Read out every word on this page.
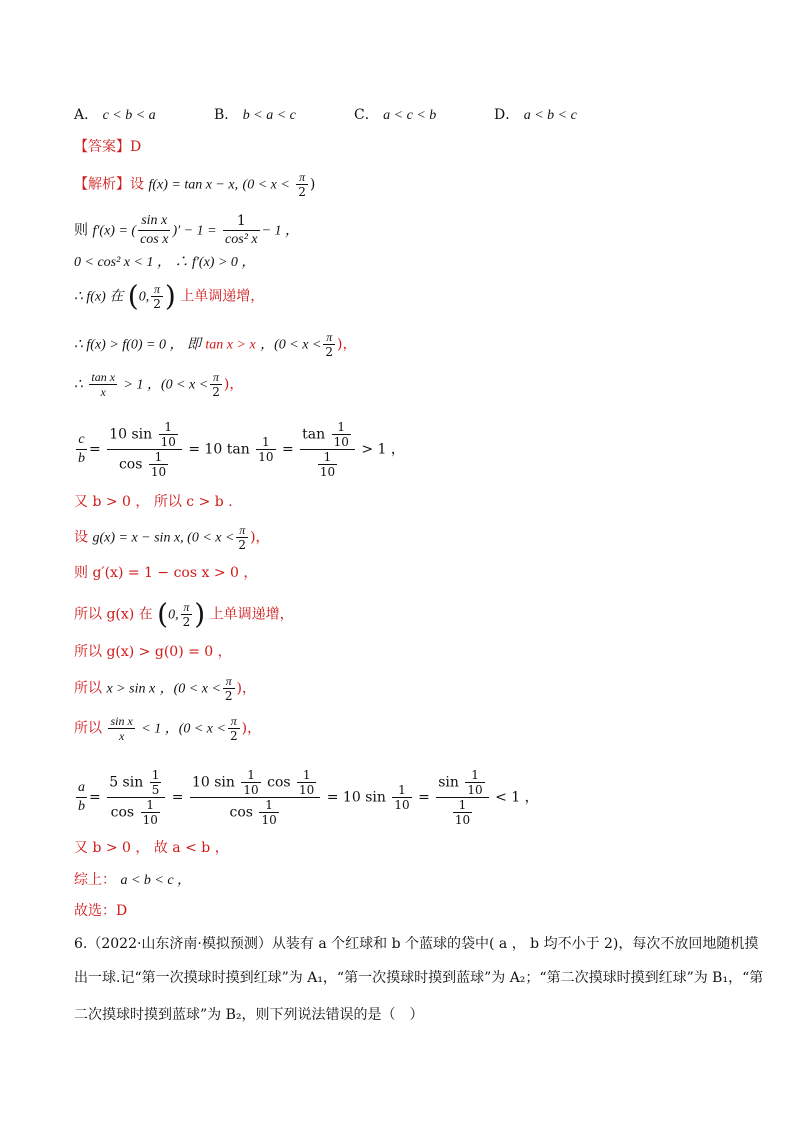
A． c < b < a	B． b < a < c	C． a < c < b	D． a < b < c
【答案】D
【解析】设 f(x) = tan x − x, ($0 < x < \frac{\pi}{2}$ )
则 f′(x) = ( $\frac{\text{sin x}}{\text{cos x}}$ )′ − $1 = \frac{1}{\text{cos² x}} - 1$ ，
0 < cos² x < 1 ， ∴ f′(x) > 0 ，
∴ f(x) 在 (0, $\frac{\pi}{2}$ ) 上单调递增，
∴ f(x) > f(0) = 0 ， 即 tan x > x ，($0 < x < \frac{\pi}{2}$ )，
∴ $\frac{\text{tan x}}{x} > 1$ ，($0 < x < \frac{\pi}{2}$ )，
$\frac{c}{b} = \frac{10 \sin \frac{1}{10}}{\cos \frac{1}{10}} = 10$ $\tan \frac{1}{10} = \frac{\tan \frac{1}{10}}{\frac{1}{10}} > 1$ ，
又 b > 0 ， 所以 c > b .
设 g(x) = x − sin x, ($0 < x < \frac{\pi}{2}$ )，
则 g′(x) = 1 − cos x > 0 ，
所以 g(x) 在 (0, $\frac{\pi}{2}$ ) 上单调递增，
所以 g(x) > g(0) = 0 ，
所以 x > sin x ，($0 < x < \frac{\pi}{2}$ )，
所以 $\frac{\text{sin x}}{x} < 1$ ，($0 < x < \frac{\pi}{2}$ )，
$\frac{a}{b} = \frac{5 \sin \frac{1}{5}}{\cos \frac{1}{10}} = \frac{10 \sin \frac{1}{10} \cos \frac{1}{10}}{\cos \frac{1}{10}} = 10$ $\sin \frac{1}{10} = \frac{\sin \frac{1}{10}}{\frac{1}{10}} < 1$ ，
又 b > 0 ， 故 a < b ，
综上： a < b < c ，
故选：D
6.（2022·山东济南·模拟预测）从装有 a 个红球和 b 个蓝球的袋中( a ， b 均不小于 2)，每次不放回地随机摸
出一球.记“第一次摸球时摸到红球”为 A₁，“第一次摸球时摸到蓝球”为 A₂；“第二次摸球时摸到红球”为 B₁，“第
二次摸球时摸到蓝球”为 B₂，则下列说法错误的是（　）
